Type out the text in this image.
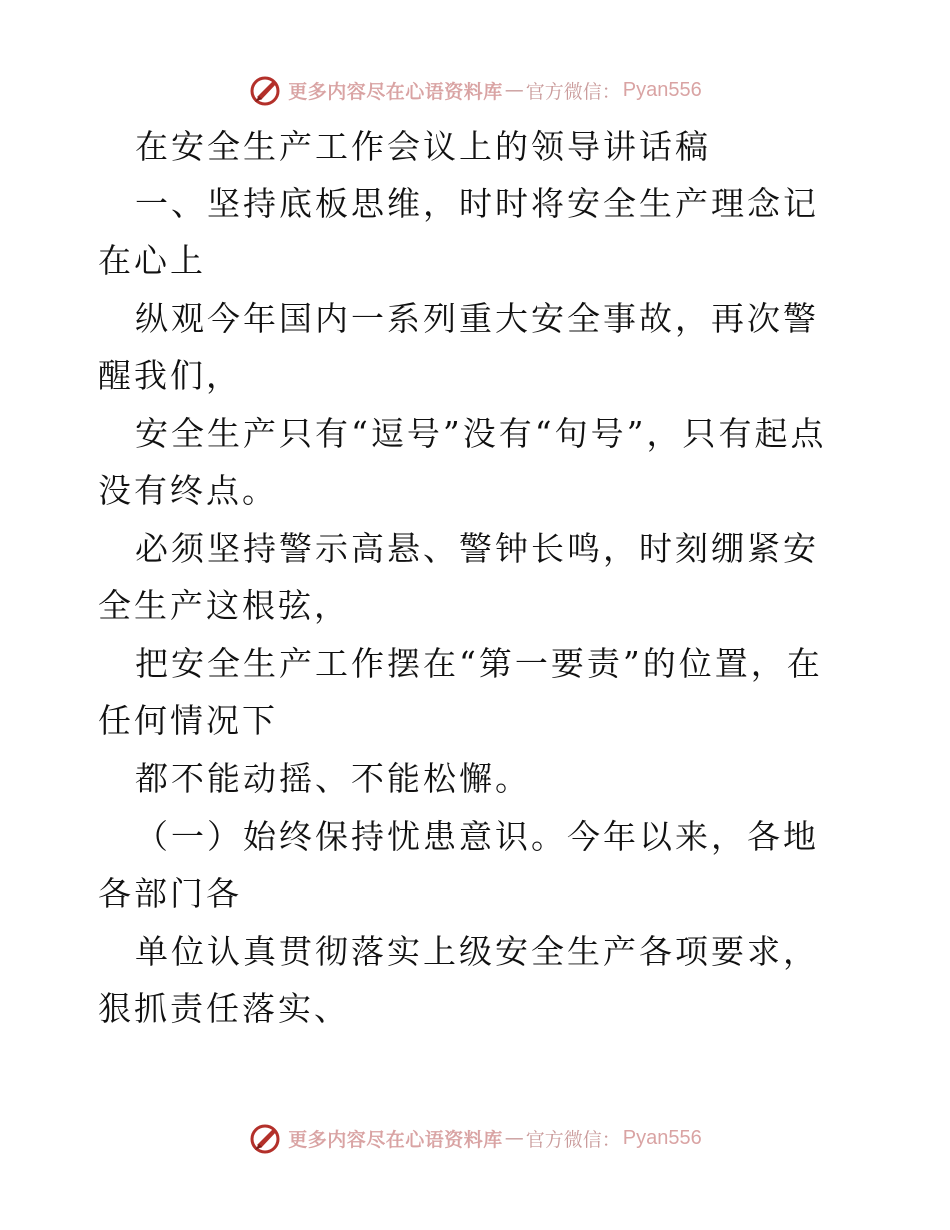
更多内容尽在心语资料库 — 官方微信： Pyan556

在安全生产工作会议上的领导讲话稿

一、坚持底板思维，时时将安全生产理念记在心上

纵观今年国内一系列重大安全事故，再次警醒我们，

安全生产只有“逗号”没有“句号”，只有起点没有终点。

必须坚持警示高悬、警钟长鸣，时刻绷紧安全生产这根弦，

把安全生产工作摆在“第一要责”的位置，在任何情况下

都不能动摇、不能松懈。

（一）始终保持忧患意识。今年以来，各地各部门各

单位认真贯彻落实上级安全生产各项要求，狠抓责任落实、

更多内容尽在心语资料库 — 官方微信： Pyan556
